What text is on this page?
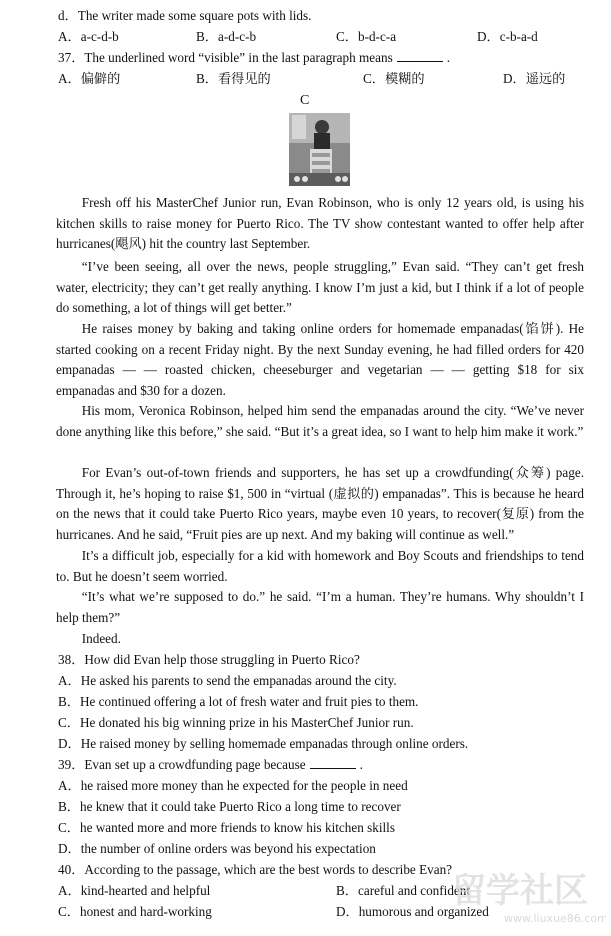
d．The writer made some square pots with lids.
A．a-c-d-b	B．a-d-c-b	C．b-d-c-a	D．c-b-a-d
37．The underlined word “visible” in the last paragraph means	.
A．偏僻的	B．看得见的	C．模糊的	D．遥远的
C
Fresh off his MasterChef Junior run, Evan Robinson, who is only 12 years old, is using his kitchen skills to raise money for Puerto Rico. The TV show contestant wanted to offer help after hurricanes(飓风) hit the country last September.
“I’ve been seeing, all over the news, people struggling,” Evan said. “They can’t get fresh water, electricity; they can’t get really anything. I know I’m just a kid, but I think if a lot of people do something, a lot of things will get better.”
He raises money by baking and taking online orders for homemade empanadas(馅饼). He started cooking on a recent Friday night. By the next Sunday evening, he had filled orders for 420 empanadas — — roasted chicken, cheeseburger and vegetarian — — getting $18 for six empanadas and $30 for a dozen.
His mom, Veronica Robinson, helped him send the empanadas around the city. “We’ve never done anything like this before,” she said. “But it’s a great idea, so I want to help him make it work.”
For Evan’s out-of-town friends and supporters, he has set up a crowdfunding(众筹) page. Through it, he’s hoping to raise $1, 500 in “virtual (虚拟的) empanadas”. This is because he heard on the news that it could take Puerto Rico years, maybe even 10 years, to recover(复原) from the hurricanes. And he said, “Fruit pies are up next. And my baking will continue as well.”
It’s a difficult job, especially for a kid with homework and Boy Scouts and friendships to tend to. But he doesn’t seem worried.
“It’s what we’re supposed to do.” he said. “I’m a human. They’re humans. Why shouldn’t I help them?”
Indeed.
38．How did Evan help those struggling in Puerto Rico?
A．He asked his parents to send the empanadas around the city.
B．He continued offering a lot of fresh water and fruit pies to them.
C．He donated his big winning prize in his MasterChef Junior run.
D．He raised money by selling homemade empanadas through online orders.
39．Evan set up a crowdfunding page because	.
A．he raised more money than he expected for the people in need
B．he knew that it could take Puerto Rico a long time to recover
C．he wanted more and more friends to know his kitchen skills
D．the number of online orders was beyond his expectation
40．According to the passage, which are the best words to describe Evan?
A．kind-hearted and helpful	B．careful and confident
C．honest and hard-working	D．humorous and organized
留学社区
www.liuxue86.com
